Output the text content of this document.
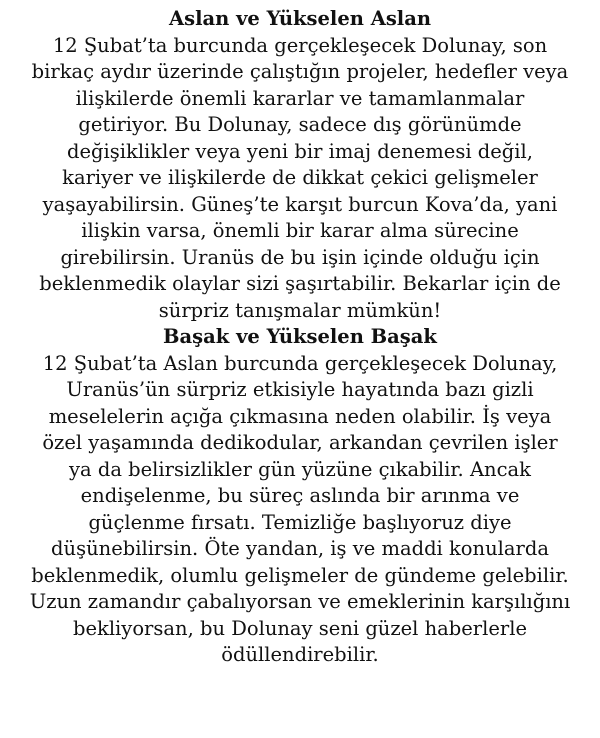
Aslan ve Yükselen Aslan
12 Şubat’ta burcunda gerçekleşecek Dolunay, son
birkaç aydır üzerinde çalıştığın projeler, hedefler veya
ilişkilerde önemli kararlar ve tamamlanmalar
getiriyor. Bu Dolunay, sadece dış görünümde
değişiklikler veya yeni bir imaj denemesi değil,
kariyer ve ilişkilerde de dikkat çekici gelişmeler
yaşayabilirsin. Güneş’te karşıt burcun Kova’da, yani
ilişkin varsa, önemli bir karar alma sürecine
girebilirsin. Uranüs de bu işin içinde olduğu için
beklenmedik olaylar sizi şaşırtabilir. Bekarlar için de
sürpriz tanışmalar mümkün!
Başak ve Yükselen Başak
12 Şubat’ta Aslan burcunda gerçekleşecek Dolunay,
Uranüs’ün sürpriz etkisiyle hayatında bazı gizli
meselelerin açığa çıkmasına neden olabilir. İş veya
özel yaşamında dedikodular, arkandan çevrilen işler
ya da belirsizlikler gün yüzüne çıkabilir. Ancak
endişelenme, bu süreç aslında bir arınma ve
güçlenme fırsatı. Temizliğe başlıyoruz diye
düşünebilirsin. Öte yandan, iş ve maddi konularda
beklenmedik, olumlu gelişmeler de gündeme gelebilir.
Uzun zamandır çabalıyorsan ve emeklerinin karşılığını
bekliyorsan, bu Dolunay seni güzel haberlerle
ödüllendirebilir.
